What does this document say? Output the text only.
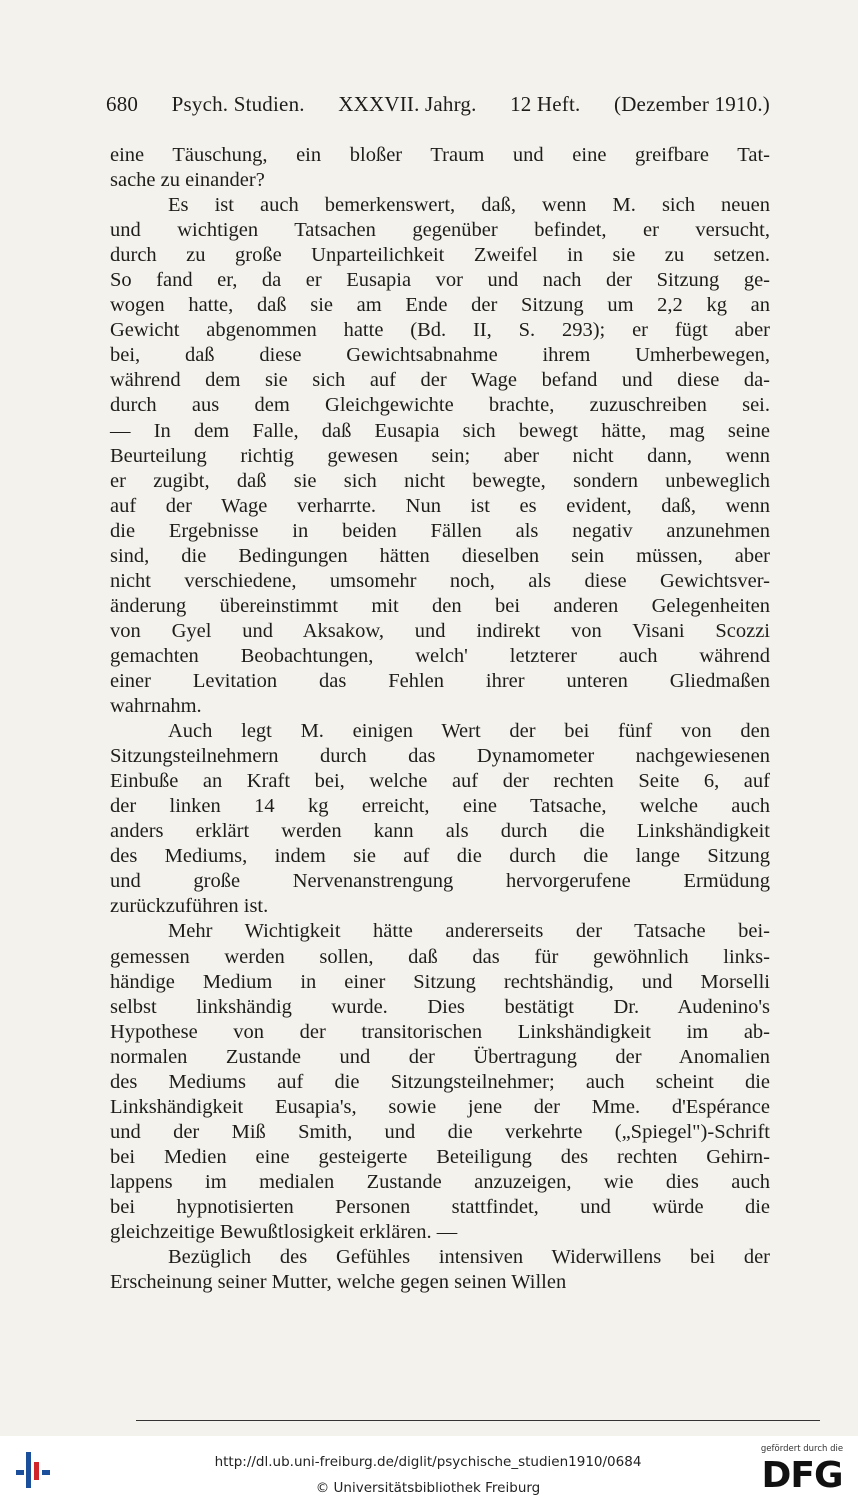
680 Psych. Studien. XXXVII. Jahrg. 12 Heft. (Dezember 1910.)
eine Täuschung, ein bloßer Traum und eine greifbare Tat-
sache zu einander?
Es ist auch bemerkenswert, daß, wenn M. sich neuen
und wichtigen Tatsachen gegenüber befindet, er versucht,
durch zu große Unparteilichkeit Zweifel in sie zu setzen.
So fand er, da er Eusapia vor und nach der Sitzung ge-
wogen hatte, daß sie am Ende der Sitzung um 2,2 kg an
Gewicht abgenommen hatte (Bd. II, S. 293); er fügt aber
bei, daß diese Gewichtsabnahme ihrem Umherbewegen,
während dem sie sich auf der Wage befand und diese da-
durch aus dem Gleichgewichte brachte, zuzuschreiben sei.
— In dem Falle, daß Eusapia sich bewegt hätte, mag seine
Beurteilung richtig gewesen sein; aber nicht dann, wenn
er zugibt, daß sie sich nicht bewegte, sondern unbeweglich
auf der Wage verharrte. Nun ist es evident, daß, wenn
die Ergebnisse in beiden Fällen als negativ anzunehmen
sind, die Bedingungen hätten dieselben sein müssen, aber
nicht verschiedene, umsomehr noch, als diese Gewichtsver-
änderung übereinstimmt mit den bei anderen Gelegenheiten
von Gyel und Aksakow, und indirekt von Visani Scozzi
gemachten Beobachtungen, welch' letzterer auch während
einer Levitation das Fehlen ihrer unteren Gliedmaßen
wahrnahm.
Auch legt M. einigen Wert der bei fünf von den
Sitzungsteilnehmern durch das Dynamometer nachgewiesenen
Einbuße an Kraft bei, welche auf der rechten Seite 6, auf
der linken 14 kg erreicht, eine Tatsache, welche auch
anders erklärt werden kann als durch die Linkshändigkeit
des Mediums, indem sie auf die durch die lange Sitzung
und große Nervenanstrengung hervorgerufene Ermüdung
zurückzuführen ist.
Mehr Wichtigkeit hätte andererseits der Tatsache bei-
gemessen werden sollen, daß das für gewöhnlich links-
händige Medium in einer Sitzung rechtshändig, und Morselli
selbst linkshändig wurde. Dies bestätigt Dr. Audenino's
Hypothese von der transitorischen Linkshändigkeit im ab-
normalen Zustande und der Übertragung der Anomalien
des Mediums auf die Sitzungsteilnehmer; auch scheint die
Linkshändigkeit Eusapia's, sowie jene der Mme. d'Espérance
und der Miß Smith, und die verkehrte („Spiegel")-Schrift
bei Medien eine gesteigerte Beteiligung des rechten Gehirn-
lappens im medialen Zustande anzuzeigen, wie dies auch
bei hypnotisierten Personen stattfindet, und würde die
gleichzeitige Bewußtlosigkeit erklären. —
Bezüglich des Gefühles intensiven Widerwillens bei der
Erscheinung seiner Mutter, welche gegen seinen Willen
http://dl.ub.uni-freiburg.de/diglit/psychische_studien1910/0684
© Universitätsbibliothek Freiburg
gefördert durch die
DFG
